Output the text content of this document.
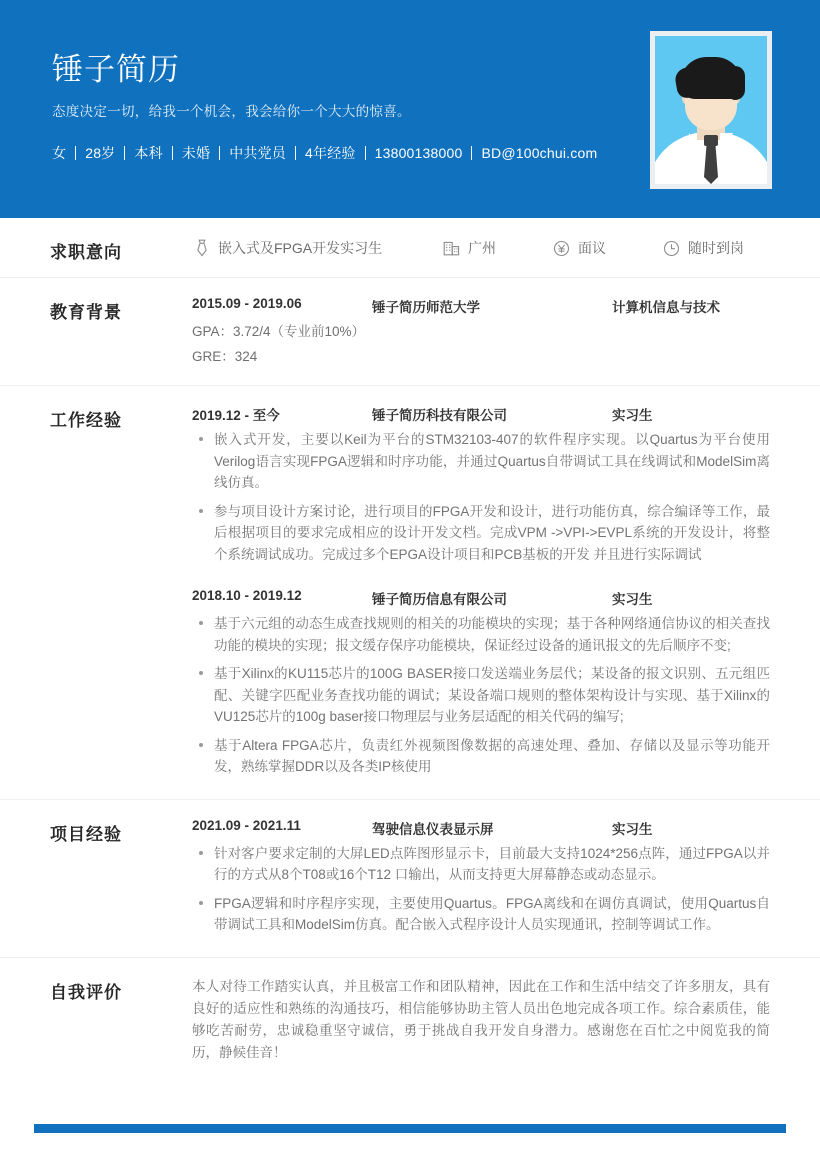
锤子简历
态度决定一切，给我一个机会，我会给你一个大大的惊喜。
女 28岁 本科 未婚 中共党员 4年经验 13800138000 BD@100chui.com
求职意向	嵌入式及FPGA开发实习生	广州	面议	随时到岗
教育背景	2015.09 - 2019.06	锤子简历师范大学	计算机信息与技术
GPA：3.72/4（专业前10%）
GRE：324
工作经验	2019.12 - 至今	锤子简历科技有限公司	实习生
嵌入式开发，主要以Keil为平台的STM32103-407的软件程序实现。以Quartus为平台使用Verilog语言实现FPGA逻辑和时序功能，并通过Quartus自带调试工具在线调试和ModelSim离线仿真。
参与项目设计方案讨论，进行项目的FPGA开发和设计，进行功能仿真，综合编译等工作，最后根据项目的要求完成相应的设计开发文档。完成VPM ->VPI->EVPL系统的开发设计，将整个系统调试成功。完成过多个EPGA设计项目和PCB基板的开发 并且进行实际调试
2018.10 - 2019.12	锤子简历信息有限公司	实习生
基于六元组的动态生成查找规则的相关的功能模块的实现；基于各种网络通信协议的相关查找功能的模块的实现；报文缓存保序功能模块，保证经过设备的通讯报文的先后顺序不变;
基于Xilinx的KU115芯片的100G BASER接口发送端业务层代；某设备的报文识别、五元组匹配、关键字匹配业务查找功能的调试；某设备端口规则的整体架构设计与实现、基于Xilinx的VU125芯片的100g baser接口物理层与业务层适配的相关代码的编写;
基于Altera FPGA芯片，负责红外视频图像数据的高速处理、叠加、存储以及显示等功能开发，熟练掌握DDR以及各类IP核使用
项目经验	2021.09 - 2021.11	驾驶信息仪表显示屏	实习生
针对客户要求定制的大屏LED点阵图形显示卡，目前最大支持1024*256点阵，通过FPGA以并行的方式从8个T08或16个T12 口输出，从而支持更大屏幕静态或动态显示。
FPGA逻辑和时序程序实现，主要使用Quartus。FPGA离线和在调仿真调试，使用Quartus自带调试工具和ModelSim仿真。配合嵌入式程序设计人员实现通讯，控制等调试工作。
自我评价	本人对待工作踏实认真，并且极富工作和团队精神，因此在工作和生活中结交了许多朋友，具有良好的适应性和熟练的沟通技巧，相信能够协助主管人员出色地完成各项工作。综合素质佳，能够吃苦耐劳，忠诚稳重坚守诚信，勇于挑战自我开发自身潜力。感谢您在百忙之中阅览我的简历，静候佳音！
